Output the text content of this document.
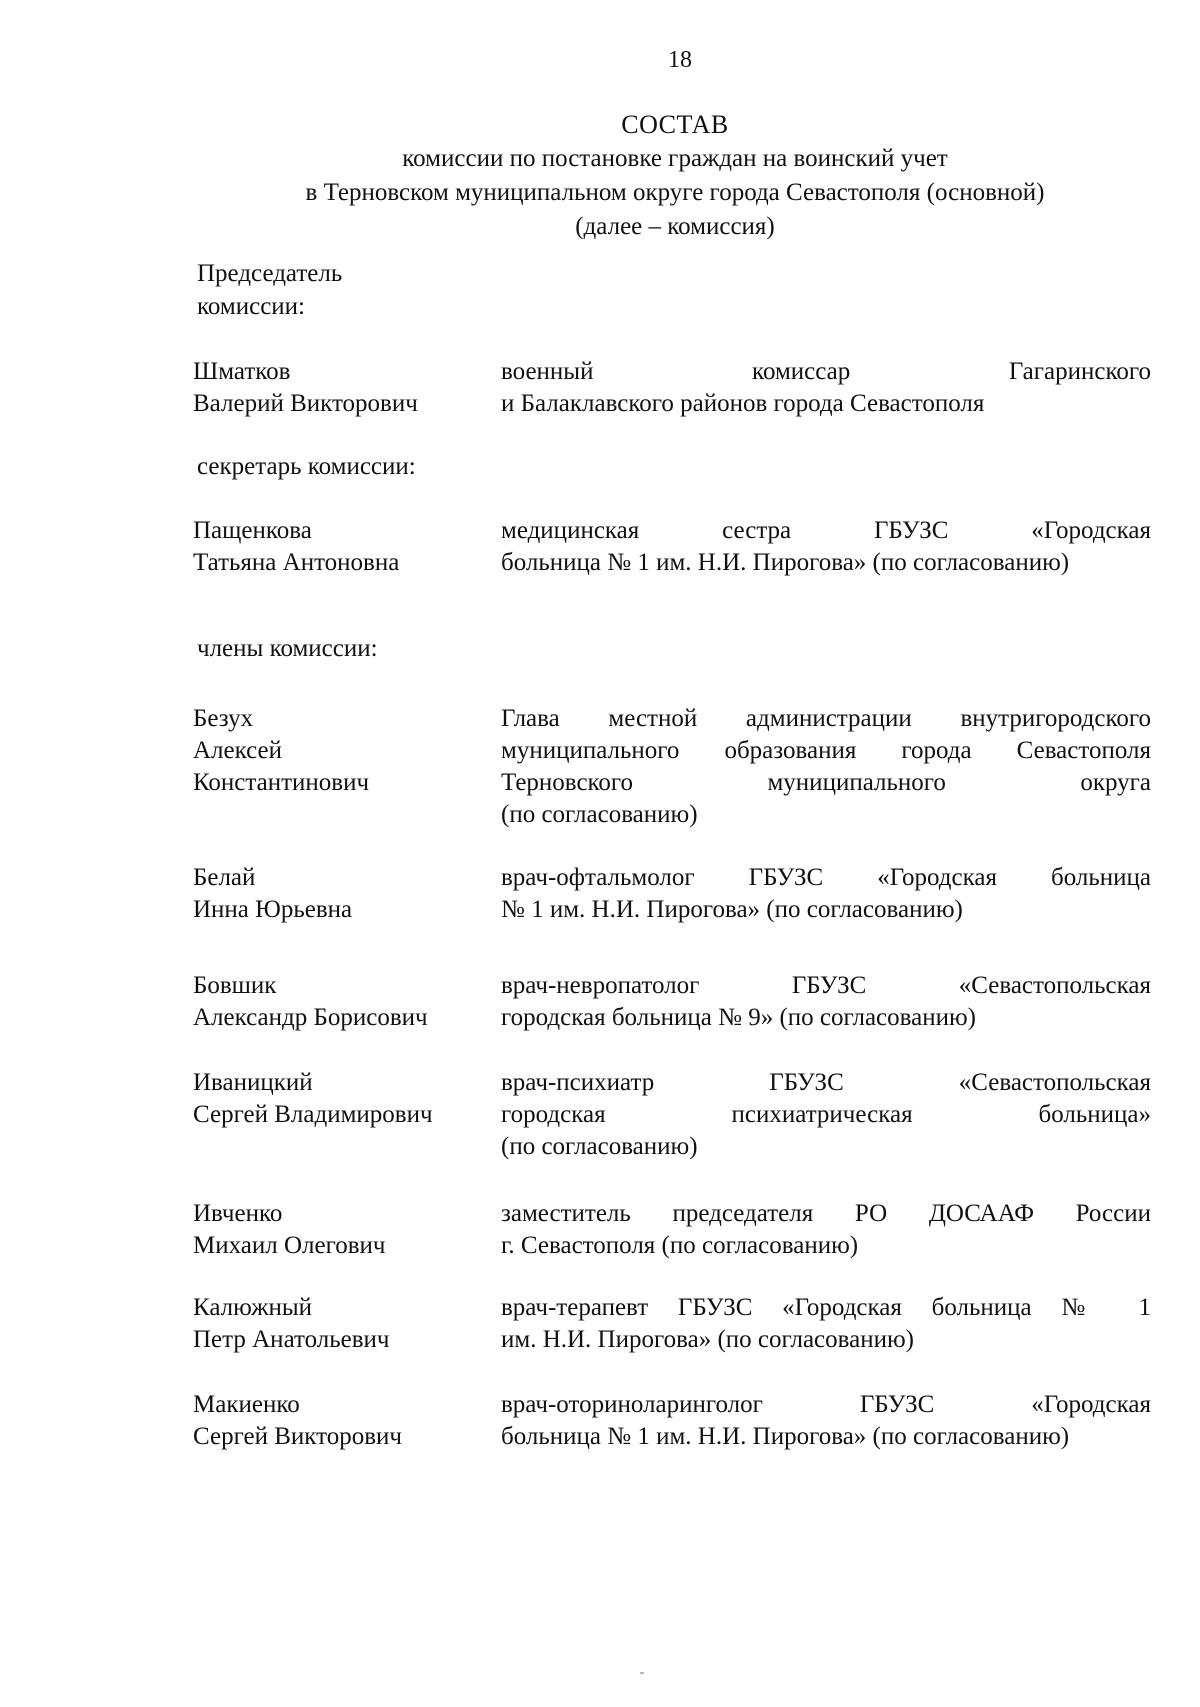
18
СОСТАВ
комиссии по постановке граждан на воинский учет
в Терновском муниципальном округе города Севастополя (основной)
(далее – комиссия)
Председатель
комиссии:
Шматков
Валерий Викторович
военный комиссар Гагаринского
и Балаклавского районов города Севастополя
секретарь комиссии:
Пащенкова
Татьяна Антоновна
медицинская сестра ГБУЗС «Городская
больница № 1 им. Н.И. Пирогова» (по согласованию)
члены комиссии:
Безух
Алексей
Константинович
Глава местной администрации внутригородского
муниципального образования города Севастополя
Терновского муниципального округа
(по согласованию)
Белай
Инна Юрьевна
врач-офтальмолог ГБУЗС «Городская больница
№ 1 им. Н.И. Пирогова» (по согласованию)
Бовшик
Александр Борисович
врач-невропатолог ГБУЗС «Севастопольская
городская больница № 9» (по согласованию)
Иваницкий
Сергей Владимирович
врач-психиатр ГБУЗС «Севастопольская
городская психиатрическая больница»
(по согласованию)
Ивченко
Михаил Олегович
заместитель председателя РО ДОСААФ России
г. Севастополя (по согласованию)
Калюжный
Петр Анатольевич
врач-терапевт ГБУЗС «Городская больница № 1
им. Н.И. Пирогова» (по согласованию)
Макиенко
Сергей Викторович
врач-оториноларинголог ГБУЗС «Городская
больница № 1 им. Н.И. Пирогова» (по согласованию)
